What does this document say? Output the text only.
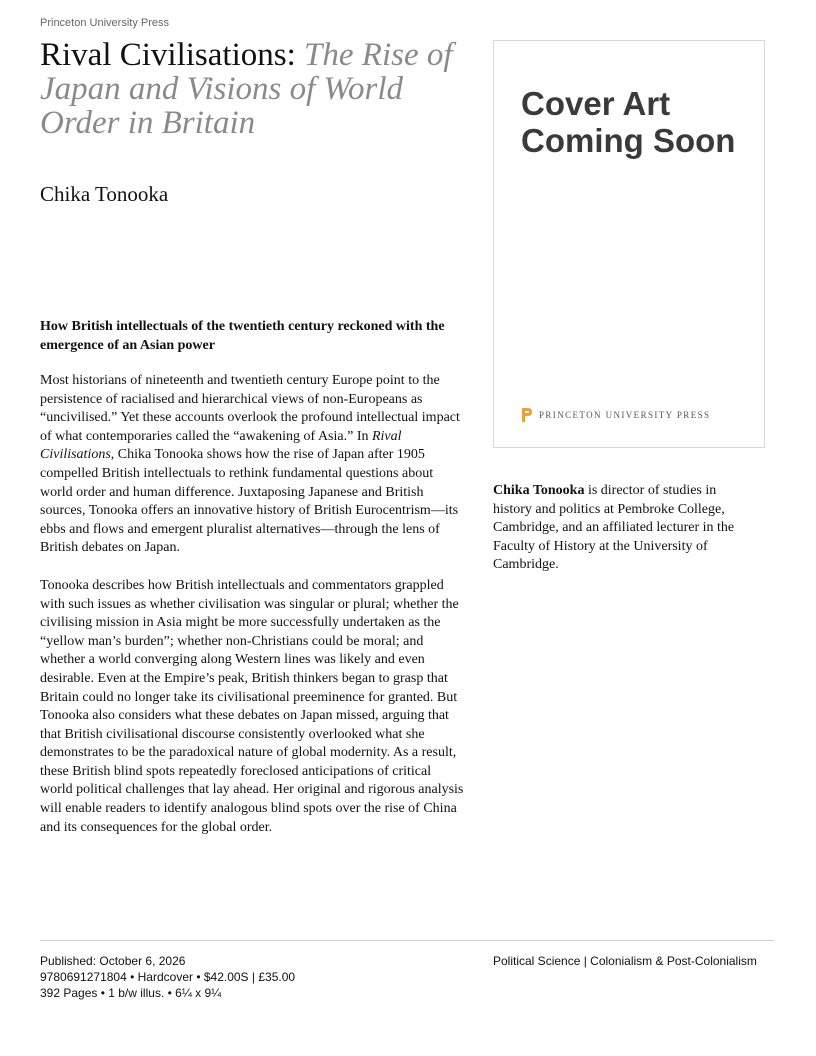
Princeton University Press
Rival Civilisations: The Rise of Japan and Visions of World Order in Britain
Chika Tonooka
How British intellectuals of the twentieth century reckoned with the emergence of an Asian power

Most historians of nineteenth and twentieth century Europe point to the persistence of racialised and hierarchical views of non-Europeans as “uncivilised.” Yet these accounts overlook the profound intellectual impact of what contemporaries called the “awakening of Asia.” In Rival Civilisations, Chika Tonooka shows how the rise of Japan after 1905 compelled British intellectuals to rethink fundamental questions about world order and human difference. Juxtaposing Japanese and British sources, Tonooka offers an innovative history of British Eurocentrism—its ebbs and flows and emergent pluralist alternatives—through the lens of British debates on Japan.

Tonooka describes how British intellectuals and commentators grappled with such issues as whether civilisation was singular or plural; whether the civilising mission in Asia might be more successfully undertaken as the “yellow man’s burden”; whether non-Christians could be moral; and whether a world converging along Western lines was likely and even desirable. Even at the Empire’s peak, British thinkers began to grasp that Britain could no longer take its civilisational preeminence for granted. But Tonooka also considers what these debates on Japan missed, arguing that that British civilisational discourse consistently overlooked what she demonstrates to be the paradoxical nature of global modernity. As a result, these British blind spots repeatedly foreclosed anticipations of critical world political challenges that lay ahead. Her original and rigorous analysis will enable readers to identify analogous blind spots over the rise of China and its consequences for the global order.

Cover Art
Coming Soon
PRINCETON UNIVERSITY PRESS
Chika Tonooka is director of studies in history and politics at Pembroke College, Cambridge, and an affiliated lecturer in the Faculty of History at the University of Cambridge.
Published: October 6, 2026
9780691271804 • Hardcover • $42.00S | £35.00
392 Pages • 1 b/w illus. • 6¼ x 9¼
Political Science | Colonialism & Post-Colonialism
